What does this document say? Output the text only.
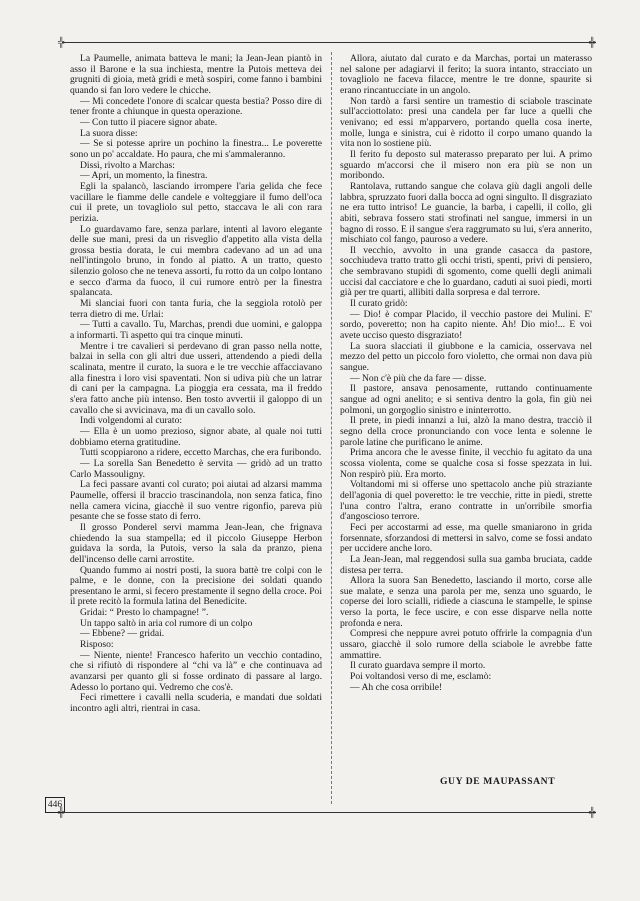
╬	╬

La Paumelle, animata batteva le mani; la Jean-Jean piantò in asso il Barone e la sua inchiesta, mentre la Putois metteva dei grugniti di gioia, metà gridi e metà sospiri, come fanno i bambini quando si fan loro vedere le chicche.

— Mi concedete l'onore di scalcar questa bestia? Posso dire di tener fronte a chiunque in questa operazione.

— Con tutto il piacere signor abate.

La suora disse:

— Se si potesse aprire un pochino la finestra... Le poverette sono un po' accaldate. Ho paura, che mi s'ammaleranno.

Dissi, rivolto a Marchas:

— Apri, un momento, la finestra.

Egli la spalancò, lasciando irrompere l'aria gelida che fece vacillare le fiamme delle candele e volteggiare il fumo dell'oca cui il prete, un tovagliolo sul petto, staccava le ali con rara perizia.

Lo guardavamo fare, senza parlare, intenti al lavoro elegante delle sue mani, presi da un risveglio d'appetito alla vista della grossa bestia dorata, le cui membra cadevano ad un ad una nell'intingolo bruno, in fondo al piatto. A un tratto, questo silenzio goloso che ne teneva assorti, fu rotto da un colpo lontano e secco d'arma da fuoco, il cui rumore entrò per la finestra spalancata.

Mi slanciai fuori con tanta furia, che la seggiola rotolò per terra dietro di me. Urlai:

— Tutti a cavallo. Tu, Marchas, prendi due uomini, e galoppa a informarti. Ti aspetto qui tra cinque minuti.

Mentre i tre cavalieri si perdevano di gran passo nella notte, balzai in sella con gli altri due usseri, attendendo a piedi della scalinata, mentre il curato, la suora e le tre vecchie affacciavano alla finestra i loro visi spaventati. Non si udiva più che un latrar di cani per la campagna. La pioggia era cessata, ma il freddo s'era fatto anche più intenso. Ben tosto avvertii il galoppo di un cavallo che si avvicinava, ma di un cavallo solo.

Indi volgendomi al curato:

— Ella è un uomo prezioso, signor abate, al quale noi tutti dobbiamo eterna gratitudine.

Tutti scoppiarono a ridere, eccetto Marchas, che era furibondo.

— La sorella San Benedetto è servita — gridò ad un tratto Carlo Massouligny.

La feci passare avanti col curato; poi aiutai ad alzarsi mamma Paumelle, offersi il braccio trascinandola, non senza fatica, fino nella camera vicina, giacchè il suo ventre rigonfio, pareva più pesante che se fosse stato di ferro.

Il grosso Ponderel servì mamma Jean-Jean, che frignava chiedendo la sua stampella; ed il piccolo Giuseppe Herbon guidava la sorda, la Putois, verso la sala da pranzo, piena dell'incenso delle carni arrostite.

Quando fummo ai nostri posti, la suora battè tre colpi con le palme, e le donne, con la precisione dei soldati quando presentano le armi, si fecero prestamente il segno della croce. Poi il prete recitò la formula latina del Benedicite.

Gridai: “ Presto lo champagne! ”.

Un tappo saltò in aria col rumore di un colpo

— Ebbene? — gridai.

Risposo:

— Niente, niente! Francesco haferito un vecchio contadino, che si rifiutò di rispondere al “chi va là” e che continuava ad avanzarsi per quanto gli si fosse ordinato di passare al largo. Adesso lo portano qui. Vedremo che cos'è.

Feci rimettere i cavalli nella scuderia, e mandati due soldati incontro agli altri, rientrai in casa.

Allora, aiutato dal curato e da Marchas, portai un materasso nel salone per adagiarvi il ferito; la suora intanto, stracciato un tovagliolo ne faceva filacce, mentre le tre donne, spaurite si erano rincantucciate in un angolo.

Non tardò a farsi sentire un tramestio di sciabole trascinate sull'acciottolato: presi una candela per far luce a quelli che venivano; ed essi m'apparvero, portando quella cosa inerte, molle, lunga e sinistra, cui è ridotto il corpo umano quando la vita non lo sostiene più.

Il ferito fu deposto sul materasso preparato per lui. A primo sguardo m'accorsi che il misero non era più se non un moribondo.

Rantolava, ruttando sangue che colava giù dagli angoli delle labbra, spruzzato fuori dalla bocca ad ogni singulto. Il disgraziato ne era tutto intriso! Le guancie, la barba, i capelli, il collo, gli abiti, sebrava fossero stati strofinati nel sangue, immersi in un bagno di rosso. E il sangue s'era raggrumato su lui, s'era annerito, mischiato col fango, pauroso a vedere.

Il vecchio, avvolto in una grande casacca da pastore, socchiudeva tratto tratto gli occhi tristi, spenti, privi di pensiero, che sembravano stupidi di sgomento, come quelli degli animali uccisi dal cacciatore e che lo guardano, caduti ai suoi piedi, morti già per tre quarti, allibiti dalla sorpresa e dal terrore.

Il curato gridò:

— Dio! è compar Placido, il vecchio pastore dei Mulini. E' sordo, poveretto; non ha capito niente. Ah! Dio mio!... E voi avete ucciso questo disgraziato!

La suora slacciati il giubbone e la camicia, osservava nel mezzo del petto un piccolo foro violetto, che ormai non dava più sangue.

— Non c'è più che da fare — disse.

Il pastore, ansava penosamente, ruttando continuamente sangue ad ogni anelito; e si sentiva dentro la gola, fin giù nei polmoni, un gorgoglio sinistro e ininterrotto.

Il prete, in piedi innanzi a lui, alzò la mano destra, tracciò il segno della croce pronunciando con voce lenta e solenne le parole latine che purificano le anime.

Prima ancora che le avesse finite, il vecchio fu agitato da una scossa violenta, come se qualche cosa si fosse spezzata in lui. Non respirò più. Era morto.

Voltandomi mi si offerse uno spettacolo anche più straziante dell'agonia di quel poveretto: le tre vecchie, ritte in piedi, strette l'una contro l'altra, erano contratte in un'orribile smorfia d'angoscioso terrore.

Feci per accostarmi ad esse, ma quelle smaniarono in grida forsennate, sforzandosi di mettersi in salvo, come se fossi andato per uccidere anche loro.

La Jean-Jean, mal reggendosi sulla sua gamba bruciata, cadde distesa per terra.

Allora la suora San Benedetto, lasciando il morto, corse alle sue malate, e senza una parola per me, senza uno sguardo, le coperse dei loro scialli, ridiede a ciascuna le stampelle, le spinse verso la porta, le fece uscire, e con esse disparve nella notte profonda e nera.

Compresi che neppure avrei potuto offrirle la compagnia d'un ussaro, giacchè il solo rumore della sciabole le avrebbe fatte ammattire.

Il curato guardava sempre il morto.

Poi voltandosi verso di me, esclamò:

— Ah che cosa orribile!

GUY DE MAUPASSANT
446
╬	╬
